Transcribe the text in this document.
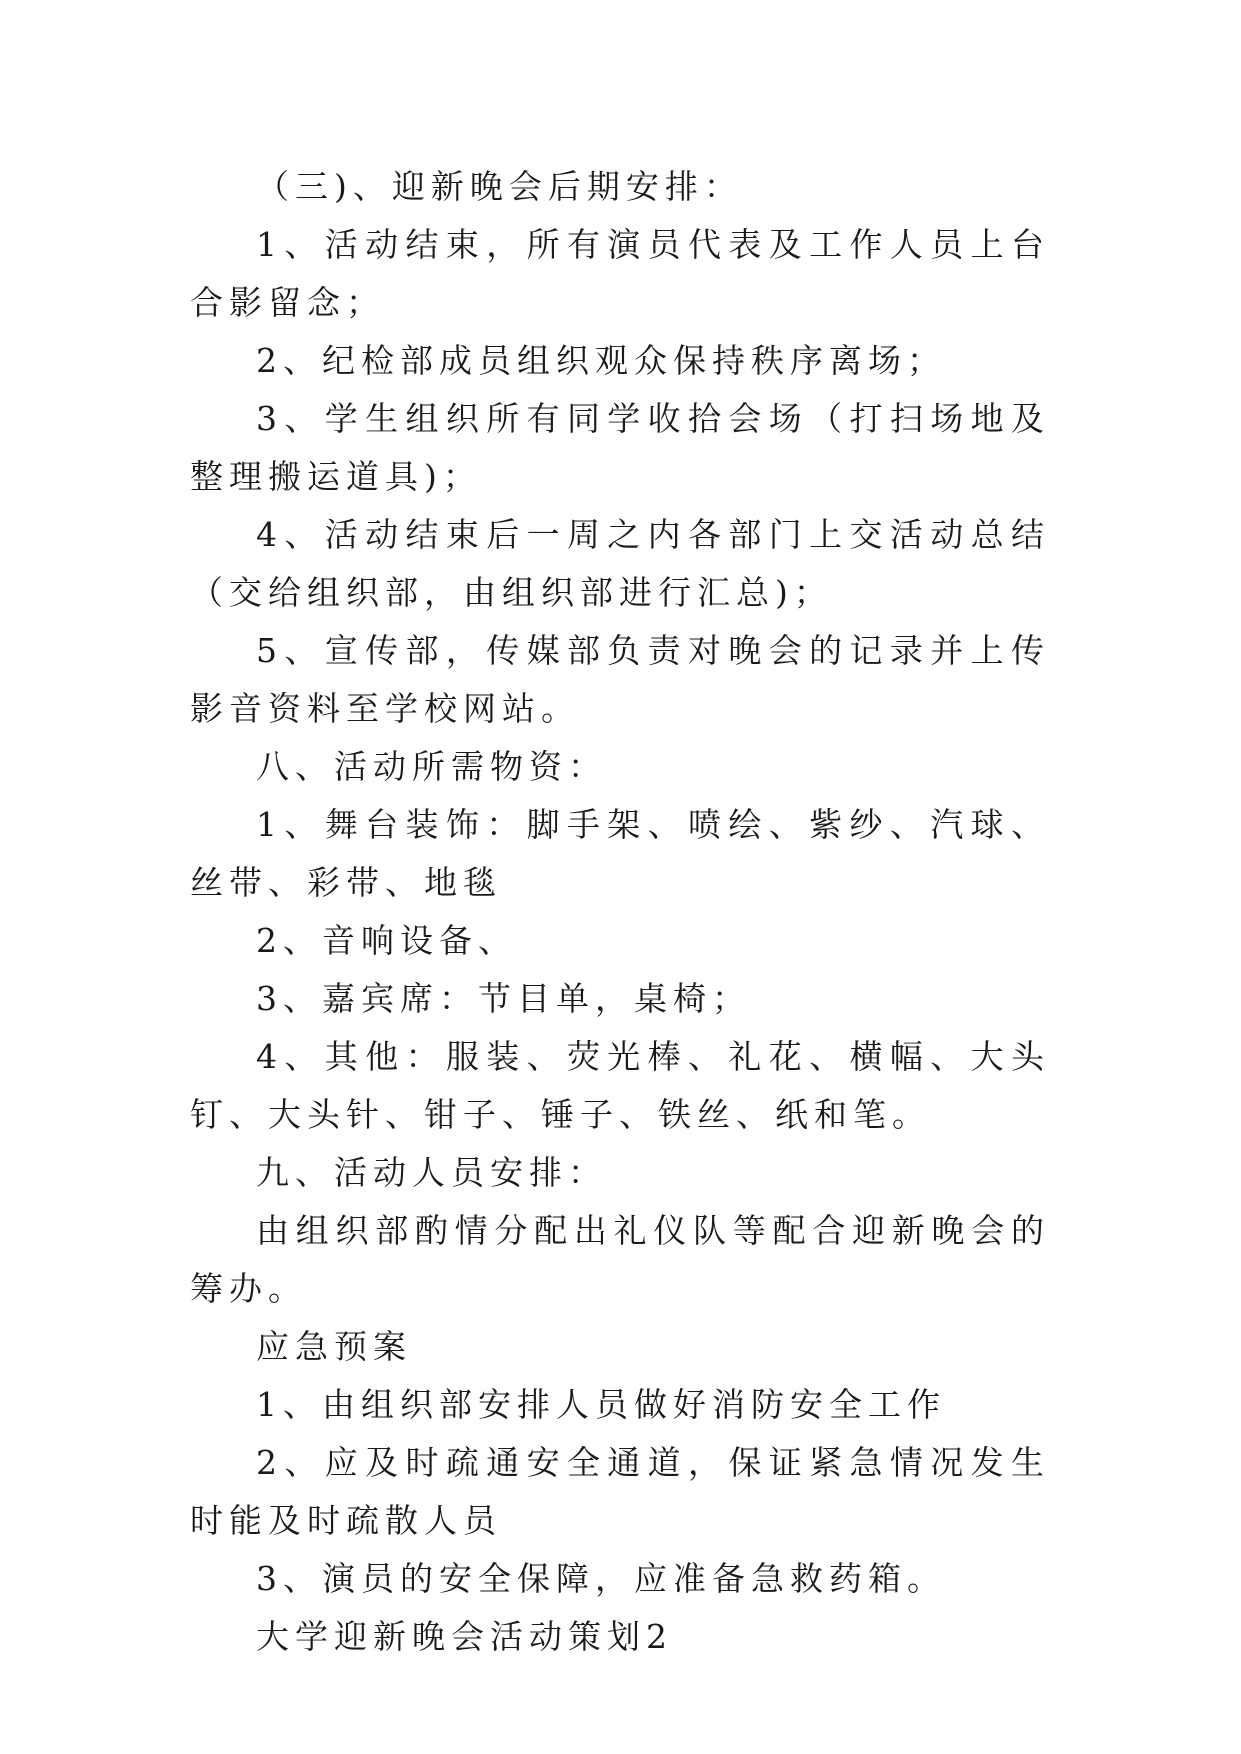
（三)、迎新晚会后期安排：

1、活动结束，所有演员代表及工作人员上台合影留念；

2、纪检部成员组织观众保持秩序离场；

3、学生组织所有同学收拾会场（打扫场地及整理搬运道具)；

4、活动结束后一周之内各部门上交活动总结（交给组织部，由组织部进行汇总)；

5、宣传部，传媒部负责对晚会的记录并上传影音资料至学校网站。

八、活动所需物资：

1、舞台装饰：脚手架、喷绘、紫纱、汽球、丝带、彩带、地毯

2、音响设备、

3、嘉宾席：节目单，桌椅；

4、其他：服装、荧光棒、礼花、横幅、大头钉、大头针、钳子、锤子、铁丝、纸和笔。

九、活动人员安排：

由组织部酌情分配出礼仪队等配合迎新晚会的筹办。

应急预案

1、由组织部安排人员做好消防安全工作

2、应及时疏通安全通道，保证紧急情况发生时能及时疏散人员

3、演员的安全保障，应准备急救药箱。

大学迎新晚会活动策划2
